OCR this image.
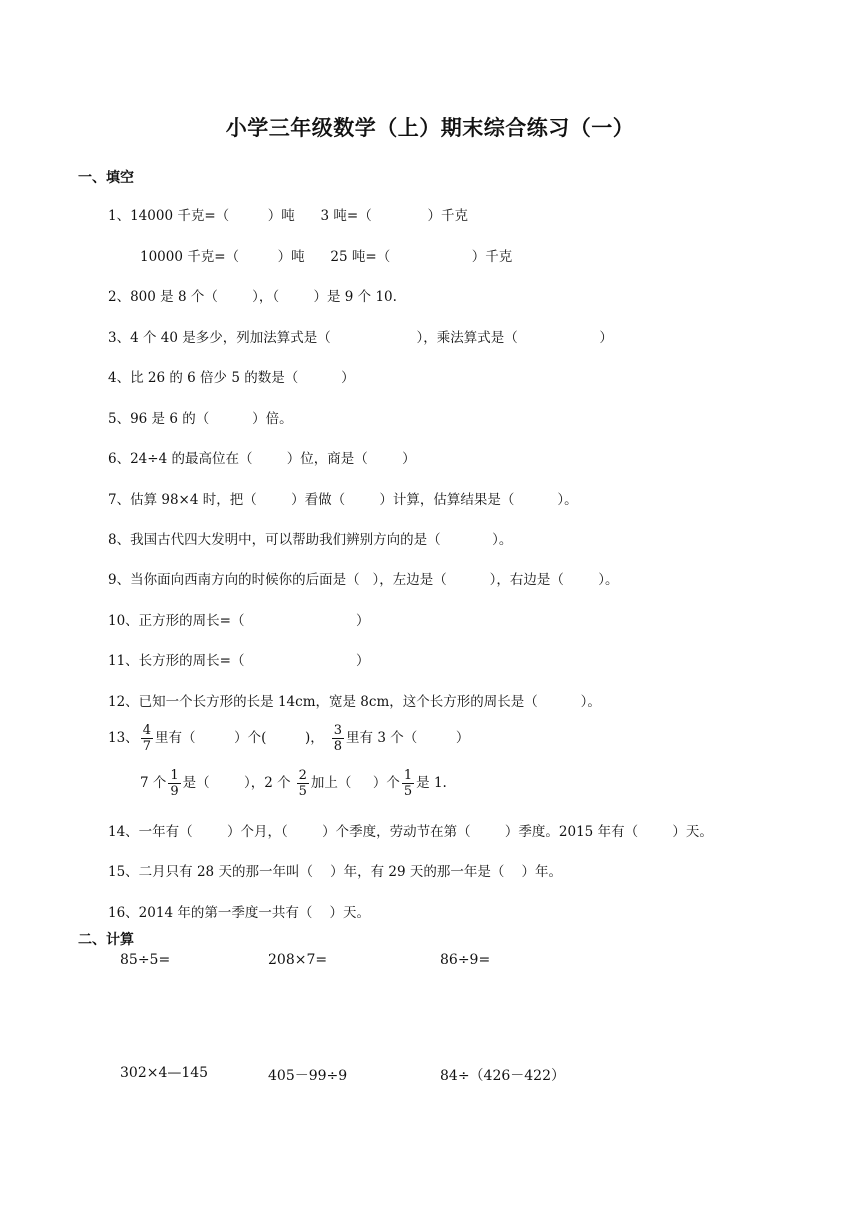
小学三年级数学（上）期末综合练习（一）
一、填空
1、14000 千克=（         ）吨      3 吨=（             ）千克
10000 千克=（         ）吨      25 吨=（                   ）千克
2、800 是 8 个（        ），（        ）是 9 个 10.
3、4 个 40 是多少，列加法算式是（                    ），乘法算式是（                   ）
4、比 26 的 6 倍少 5 的数是（          ）
5、96 是 6 的（          ）倍。
6、24÷4 的最高位在（        ）位，商是（        ）
7、估算 98×4 时，把（        ）看做（        ）计算，估算结果是（          ）。
8、我国古代四大发明中，可以帮助我们辨别方向的是（            ）。
9、当你面向西南方向的时候你的后面是（   ），左边是（          ），右边是（        ）。
10、正方形的周长=（                          ）
11、长方形的周长=（                          ）
12、已知一个长方形的长是 14cm，宽是 8cm，这个长方形的周长是（          ）。
13、 $\frac{4}{7}$ 里有（         ）个(         )， $\frac{3}{8}$ 里有 3 个（         ）
7 个 $\frac{1}{9}$ 是（        ），2 个 $\frac{2}{5}$ 加上（     ）个 $\frac{1}{5}$ 是 1.
14、一年有（        ）个月，（        ）个季度，劳动节在第（        ）季度。2015 年有（        ）天。
15、二月只有 28 天的那一年叫（    ）年，有 29 天的那一年是（    ）年。
16、2014 年的第一季度一共有（    ）天。
二、计算
85÷5=	208×7=	86÷9=
302×4—145	405－99÷9	84÷（426－422）
